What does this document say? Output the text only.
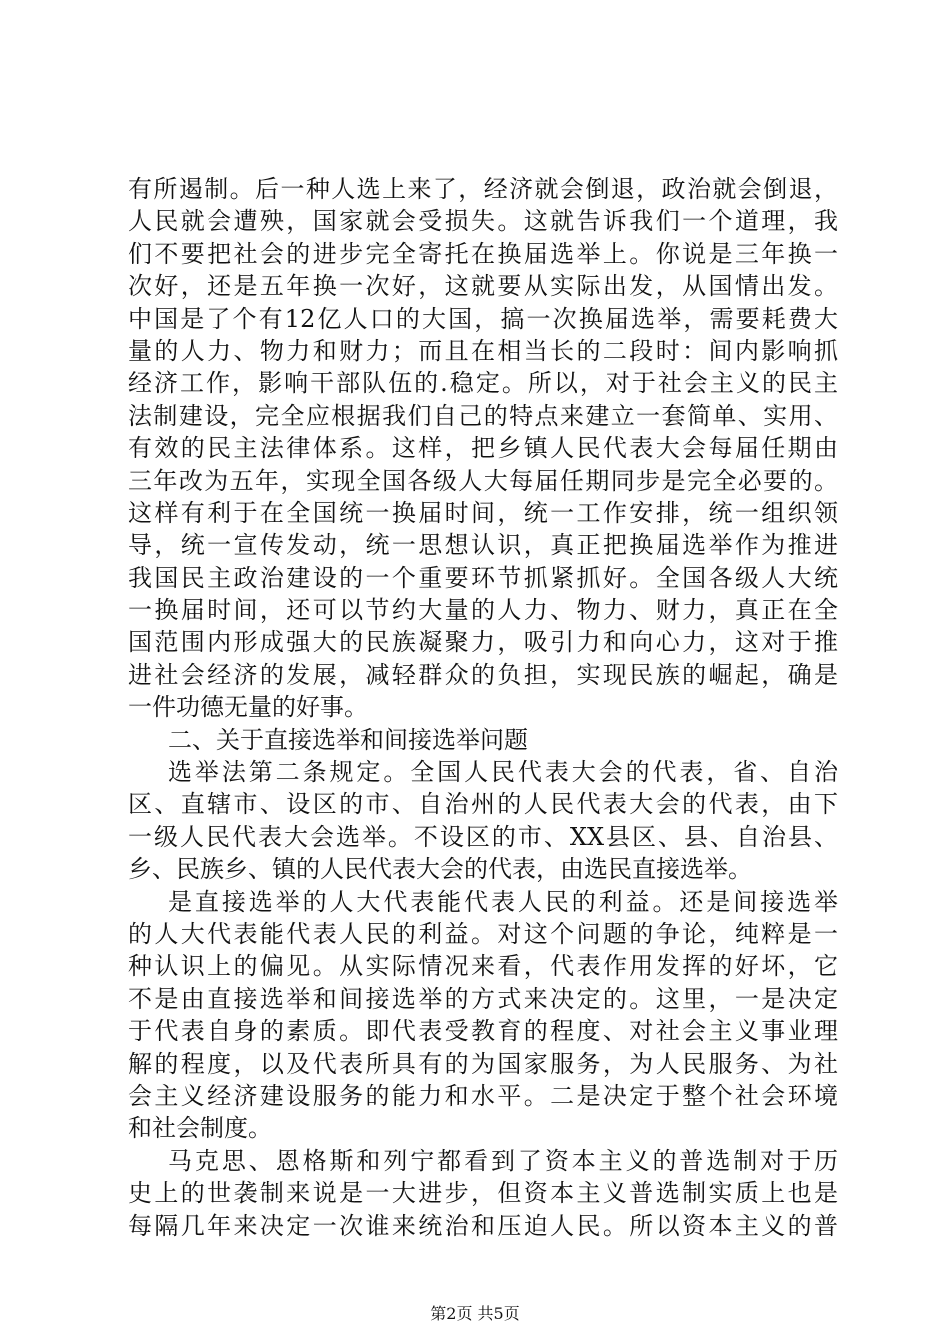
有所遏制。后一种人选上来了，经济就会倒退，政治就会倒退，
人民就会遭殃，国家就会受损失。这就告诉我们一个道理，我
们不要把社会的进步完全寄托在换届选举上。你说是三年换一
次好，还是五年换一次好，这就要从实际出发，从国情出发。
中国是了个有12亿人口的大国，搞一次换届选举，需要耗费大
量的人力、物力和财力；而且在相当长的二段时：间内影响抓
经济工作，影响干部队伍的.稳定。所以，对于社会主义的民主
法制建设，完全应根据我们自己的特点来建立一套简单、实用、
有效的民主法律体系。这样，把乡镇人民代表大会每届任期由
三年改为五年，实现全国各级人大每届任期同步是完全必要的。
这样有利于在全国统一换届时间，统一工作安排，统一组织领
导，统一宣传发动，统一思想认识，真正把换届选举作为推进
我国民主政治建设的一个重要环节抓紧抓好。全国各级人大统
一换届时间，还可以节约大量的人力、物力、财力，真正在全
国范围内形成强大的民族凝聚力，吸引力和向心力，这对于推
进社会经济的发展，减轻群众的负担，实现民族的崛起，确是
一件功德无量的好事。
二、关于直接选举和间接选举问题
选举法第二条规定。全国人民代表大会的代表，省、自治
区、直辖市、设区的市、自治州的人民代表大会的代表，由下
一级人民代表大会选举。不设区的市、XX县区、县、自治县、
乡、民族乡、镇的人民代表大会的代表，由选民直接选举。
是直接选举的人大代表能代表人民的利益。还是间接选举
的人大代表能代表人民的利益。对这个问题的争论，纯粹是一
种认识上的偏见。从实际情况来看，代表作用发挥的好坏，它
不是由直接选举和间接选举的方式来决定的。这里，一是决定
于代表自身的素质。即代表受教育的程度、对社会主义事业理
解的程度，以及代表所具有的为国家服务，为人民服务、为社
会主义经济建设服务的能力和水平。二是决定于整个社会环境
和社会制度。
马克思、恩格斯和列宁都看到了资本主义的普选制对于历
史上的世袭制来说是一大进步，但资本主义普选制实质上也是
每隔几年来决定一次谁来统治和压迫人民。所以资本主义的普
第2页 共5页
